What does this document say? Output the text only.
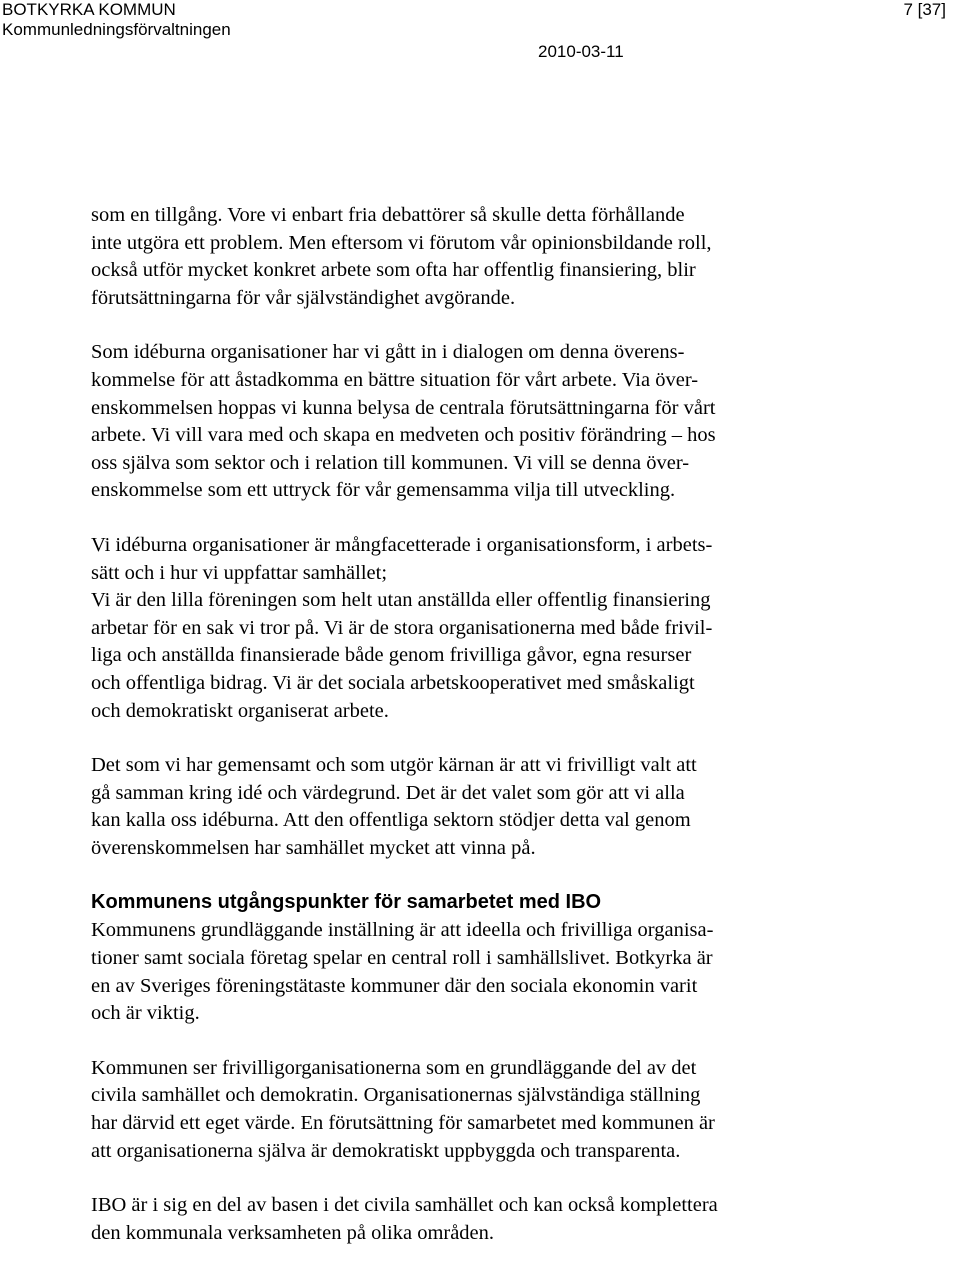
BOTKYRKA KOMMUN
Kommunledningsförvaltningen
7 [37]
2010-03-11

som en tillgång. Vore vi enbart fria debattörer så skulle detta förhållande
inte utgöra ett problem. Men eftersom vi förutom vår opinionsbildande roll,
också utför mycket konkret arbete som ofta har offentlig finansiering, blir
förutsättningarna för vår självständighet avgörande.

Som idéburna organisationer har vi gått in i dialogen om denna överens-
kommelse för att åstadkomma en bättre situation för vårt arbete. Via över-
enskommelsen hoppas vi kunna belysa de centrala förutsättningarna för vårt
arbete. Vi vill vara med och skapa en medveten och positiv förändring – hos
oss själva som sektor och i relation till kommunen. Vi vill se denna över-
enskommelse som ett uttryck för vår gemensamma vilja till utveckling.

Vi idéburna organisationer är mångfacetterade i organisationsform, i arbets-
sätt och i hur vi uppfattar samhället;
Vi är den lilla föreningen som helt utan anställda eller offentlig finansiering
arbetar för en sak vi tror på. Vi är de stora organisationerna med både frivil-
liga och anställda finansierade både genom frivilliga gåvor, egna resurser
och offentliga bidrag. Vi är det sociala arbetskooperativet med småskaligt
och demokratiskt organiserat arbete.

Det som vi har gemensamt och som utgör kärnan är att vi frivilligt valt att
gå samman kring idé och värdegrund. Det är det valet som gör att vi alla
kan kalla oss idéburna. Att den offentliga sektorn stödjer detta val genom
överenskommelsen har samhället mycket att vinna på.

Kommunens utgångspunkter för samarbetet med IBO

Kommunens grundläggande inställning är att ideella och frivilliga organisa-
tioner samt sociala företag spelar en central roll i samhällslivet. Botkyrka är
en av Sveriges föreningstätaste kommuner där den sociala ekonomin varit
och är viktig.

Kommunen ser frivilligorganisationerna som en grundläggande del av det
civila samhället och demokratin. Organisationernas självständiga ställning
har därvid ett eget värde. En förutsättning för samarbetet med kommunen är
att organisationerna själva är demokratiskt uppbyggda och transparenta.

IBO är i sig en del av basen i det civila samhället och kan också komplettera
den kommunala verksamheten på olika områden.
